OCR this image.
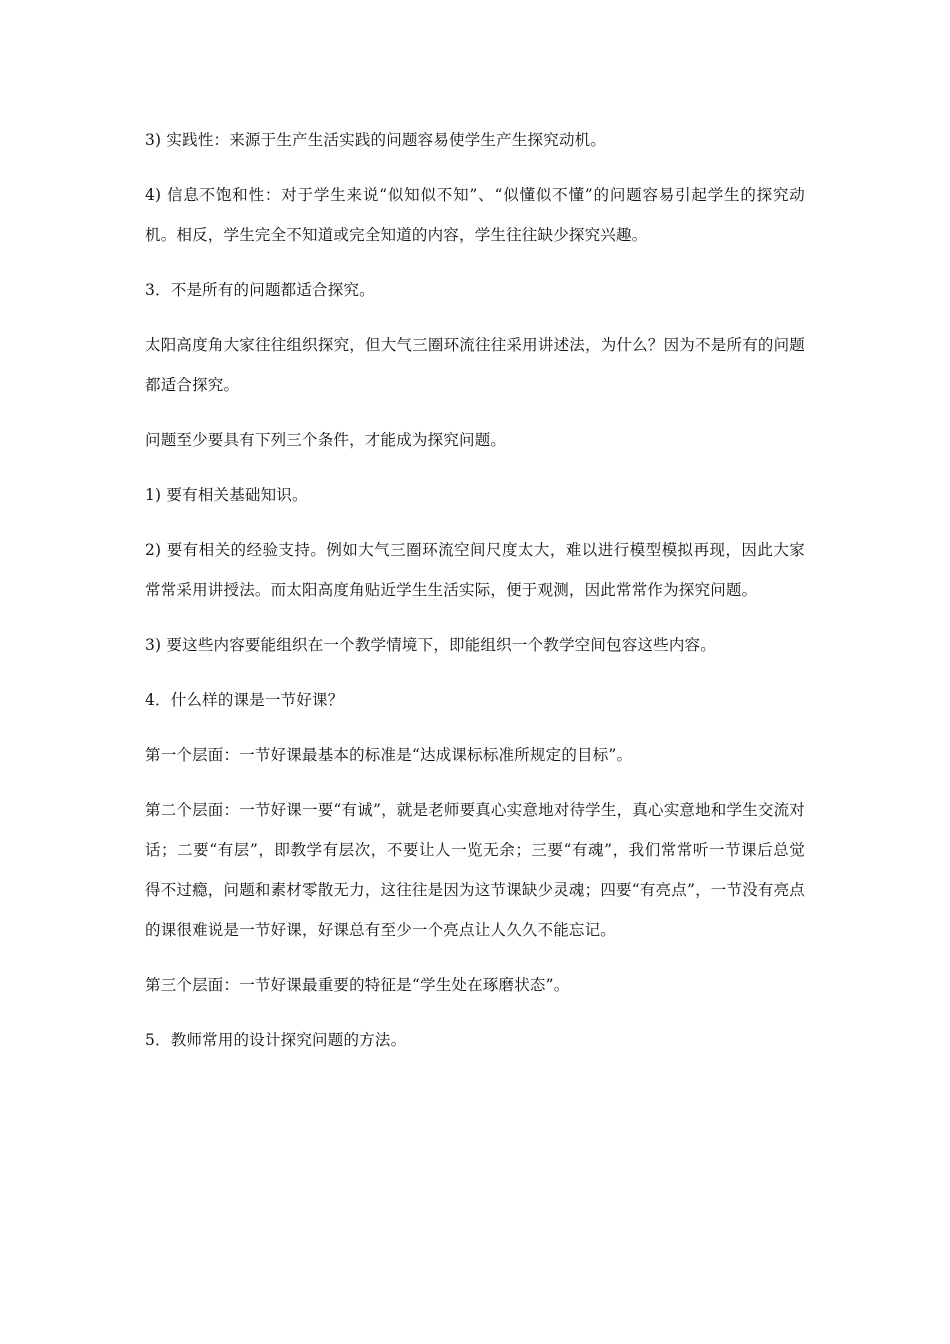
3) 实践性：来源于生产生活实践的问题容易使学生产生探究动机。

4) 信息不饱和性：对于学生来说“似知似不知”、“似懂似不懂”的问题容易引起学生的探究动机。相反，学生完全不知道或完全知道的内容，学生往往缺少探究兴趣。

3．不是所有的问题都适合探究。

太阳高度角大家往往组织探究，但大气三圈环流往往采用讲述法，为什么？因为不是所有的问题都适合探究。

问题至少要具有下列三个条件，才能成为探究问题。

1) 要有相关基础知识。

2) 要有相关的经验支持。例如大气三圈环流空间尺度太大，难以进行模型模拟再现，因此大家常常采用讲授法。而太阳高度角贴近学生生活实际，便于观测，因此常常作为探究问题。

3) 要这些内容要能组织在一个教学情境下，即能组织一个教学空间包容这些内容。

4．什么样的课是一节好课？

第一个层面：一节好课最基本的标准是“达成课标标准所规定的目标”。

第二个层面：一节好课一要“有诚”，就是老师要真心实意地对待学生，真心实意地和学生交流对话；二要“有层”，即教学有层次，不要让人一览无余；三要“有魂”，我们常常听一节课后总觉得不过瘾，问题和素材零散无力，这往往是因为这节课缺少灵魂；四要“有亮点”，一节没有亮点的课很难说是一节好课，好课总有至少一个亮点让人久久不能忘记。

第三个层面：一节好课最重要的特征是“学生处在琢磨状态”。

5．教师常用的设计探究问题的方法。
